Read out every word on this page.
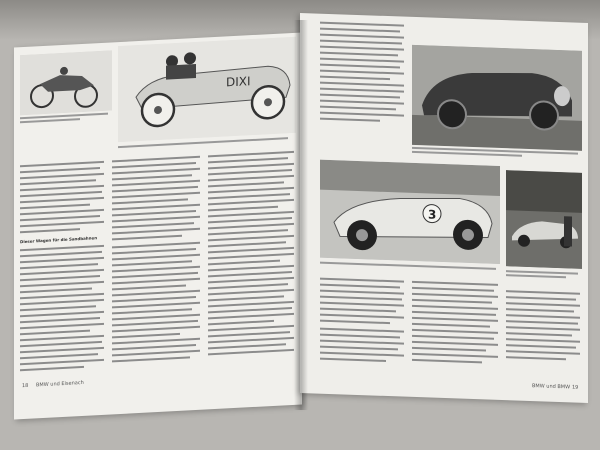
DIXI
Dieser Wagen für die Sandbahnen
18 BMW und Eisenach
3
BMW und BMW 19
